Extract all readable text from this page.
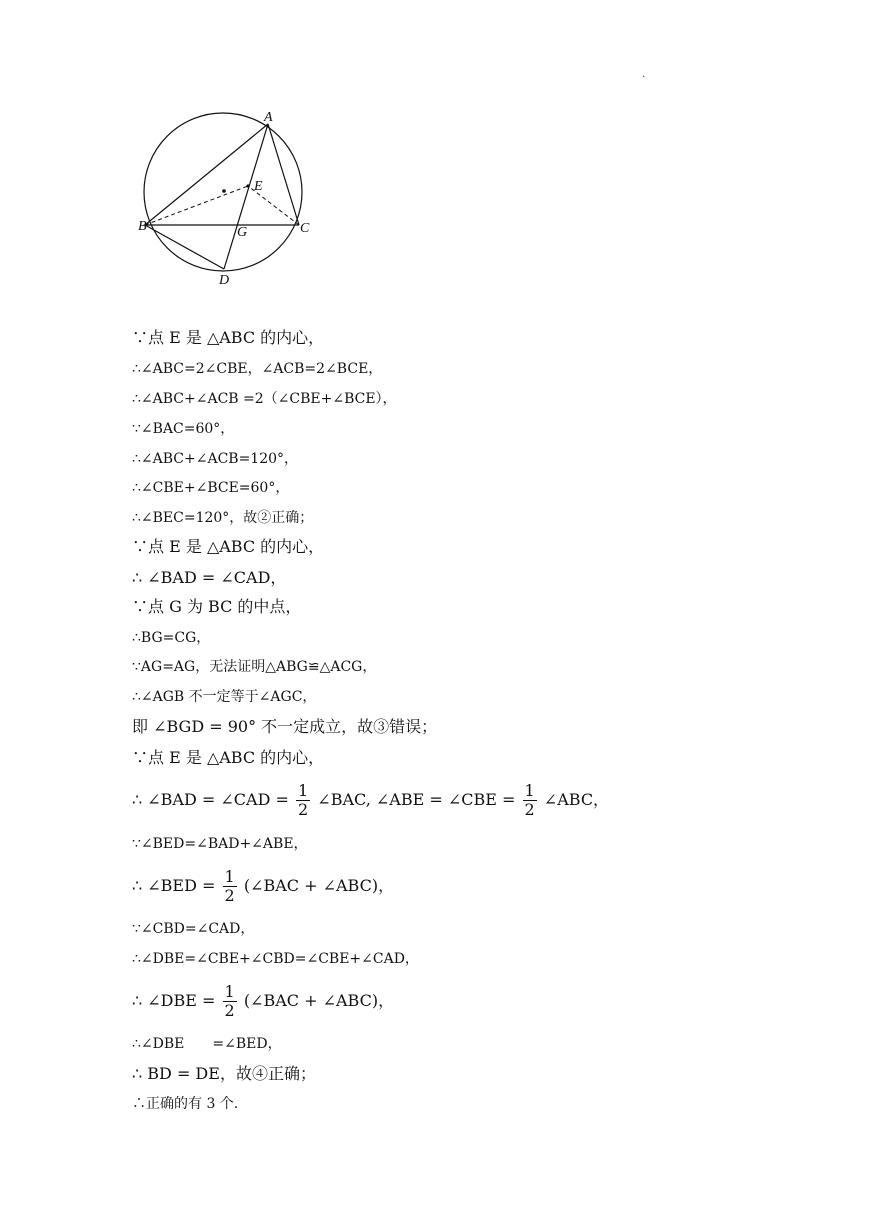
·
A
B	C
D
E
G
∵点 E 是 △ABC 的内心，
∴∠ABC=2∠CBE，∠ACB=2∠BCE，
∴∠ABC+∠ACB =2（∠CBE+∠BCE），
∵∠BAC=60°，
∴∠ABC+∠ACB=120°，
∴∠CBE+∠BCE=60°，
∴∠BEC=120°，故②正确；
∵点 E 是 △ABC 的内心，
∴ ∠BAD = ∠CAD，
∵点 G 为 BC 的中点，
∴BG=CG，
∵AG=AG，无法证明△ABG≌△ACG，
∴∠AGB 不一定等于∠AGC，
即 ∠BGD = 90° 不一定成立，故③错误；
∵点 E 是 △ABC 的内心，
∴ ∠BAD = ∠CAD = $\frac{1}{2}$ ∠BAC, ∠ABE = ∠CBE = $\frac{1}{2}$ ∠ABC，
∵∠BED=∠BAD+∠ABE，
∴ ∠BED = $\frac{1}{2}$ (∠BAC + ∠ABC)，
∵∠CBD=∠CAD，
∴∠DBE=∠CBE+∠CBD=∠CBE+∠CAD，
∴ ∠DBE = $\frac{1}{2}$ (∠BAC + ∠ABC)，
∴∠DBE　　=∠BED，
∴ BD = DE，故④正确；
∴正确的有 3 个.
